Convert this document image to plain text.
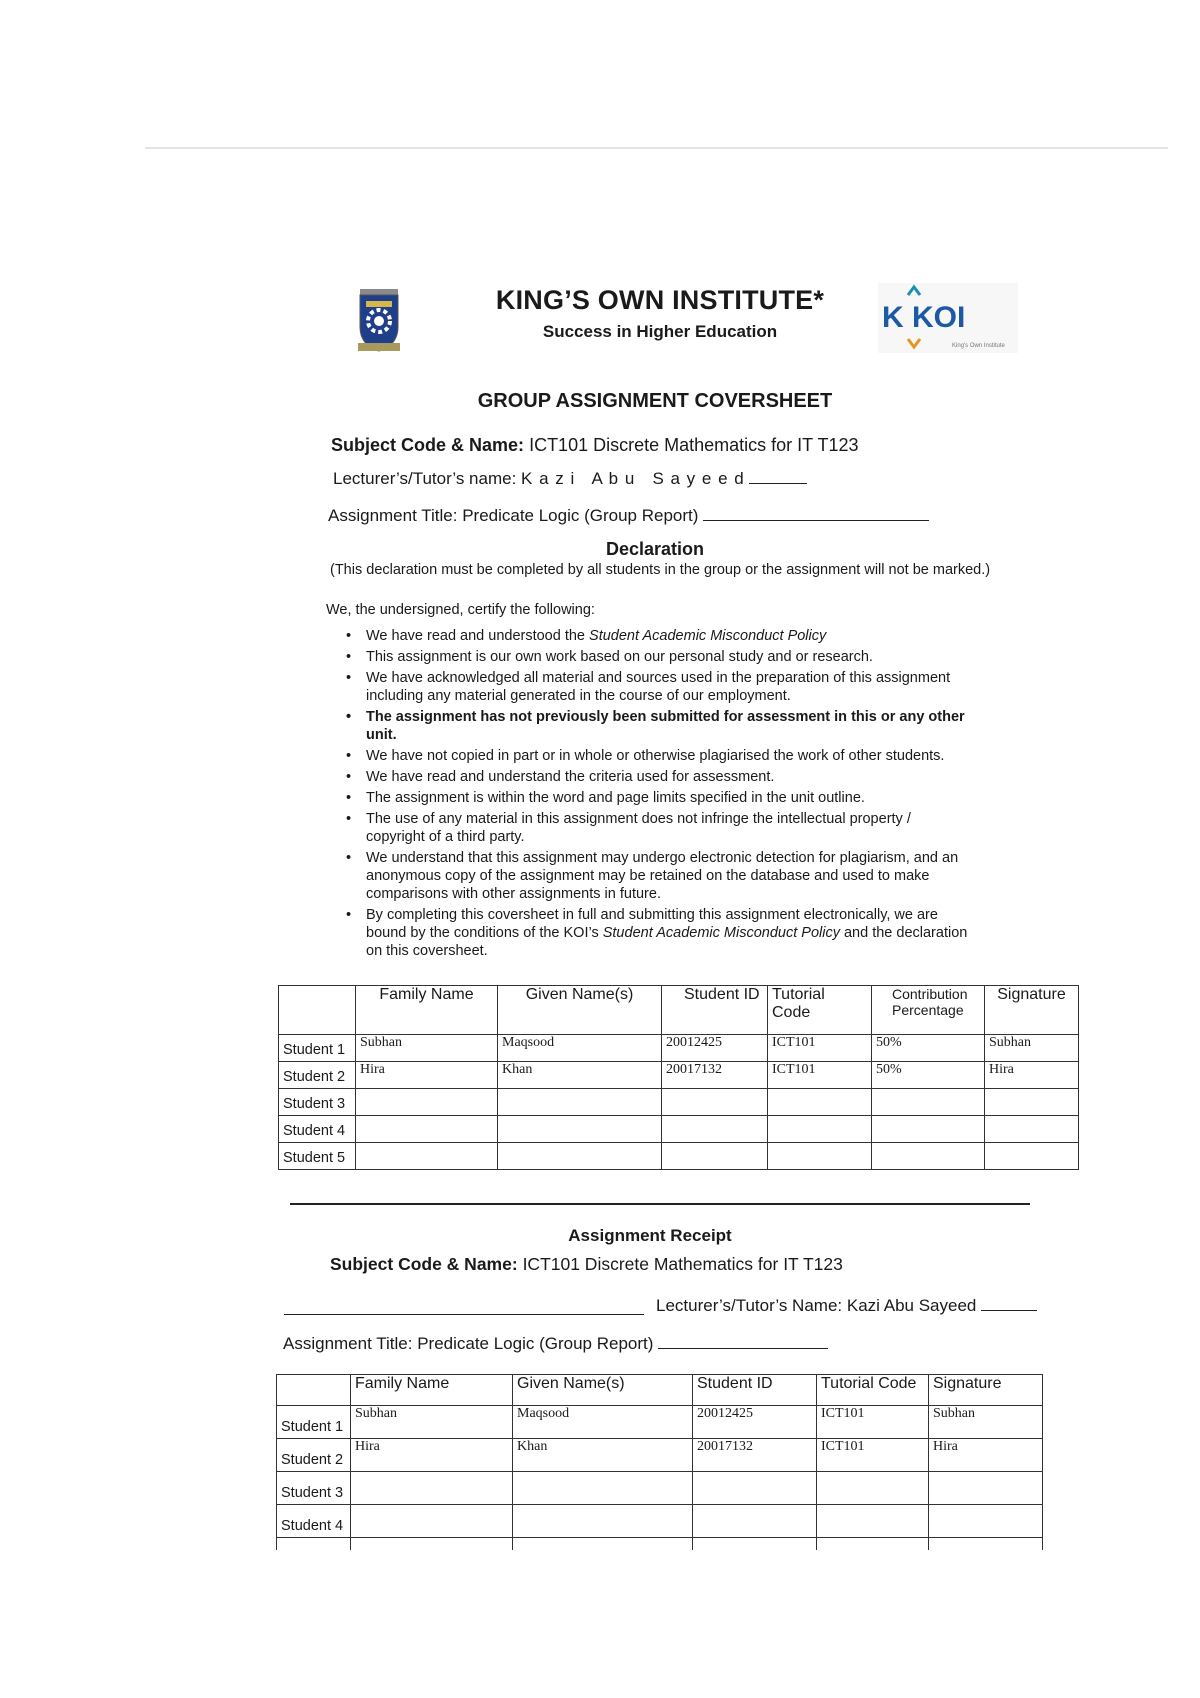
KING’S OWN INSTITUTE*
Success in Higher Education	K KOI
King's Own Institute
GROUP ASSIGNMENT COVERSHEET
Subject Code & Name: ICT101 Discrete Mathematics for IT T123
Lecturer’s/Tutor’s name: K a z i   A b u   S a y e e d
Assignment Title: Predicate Logic (Group Report)
Declaration
(This declaration must be completed by all students in the group or the assignment will not be marked.)
We, the undersigned, certify the following:
• We have read and understood the Student Academic Misconduct Policy
• This assignment is our own work based on our personal study and or research.
• We have acknowledged all material and sources used in the preparation of this assignment including any material generated in the course of our employment.
• The assignment has not previously been submitted for assessment in this or any other unit.
• We have not copied in part or in whole or otherwise plagiarised the work of other students.
• We have read and understand the criteria used for assessment.
• The assignment is within the word and page limits specified in the unit outline.
• The use of any material in this assignment does not infringe the intellectual property / copyright of a third party.
• We understand that this assignment may undergo electronic detection for plagiarism, and an anonymous copy of the assignment may be retained on the database and used to make comparisons with other assignments in future.
• By completing this coversheet in full and submitting this assignment electronically, we are bound by the conditions of the KOI’s Student Academic Misconduct Policy and the declaration on this coversheet.
	Family Name	Given Name(s)	Student ID	Tutorial Code	Contribution Percentage	Signature
Student 1	Subhan	Maqsood	20012425	ICT101	50%	Subhan
Student 2	Hira	Khan	20017132	ICT101	50%	Hira
Student 3						
Student 4						
Student 5						
Assignment Receipt
Subject Code & Name: ICT101 Discrete Mathematics for IT T123
Lecturer’s/Tutor’s Name: Kazi Abu Sayeed
Assignment Title: Predicate Logic (Group Report)
	Family Name	Given Name(s)	Student ID	Tutorial Code	Signature
Student 1	Subhan	Maqsood	20012425	ICT101	Subhan
Student 2	Hira	Khan	20017132	ICT101	Hira
Student 3					
Student 4					
